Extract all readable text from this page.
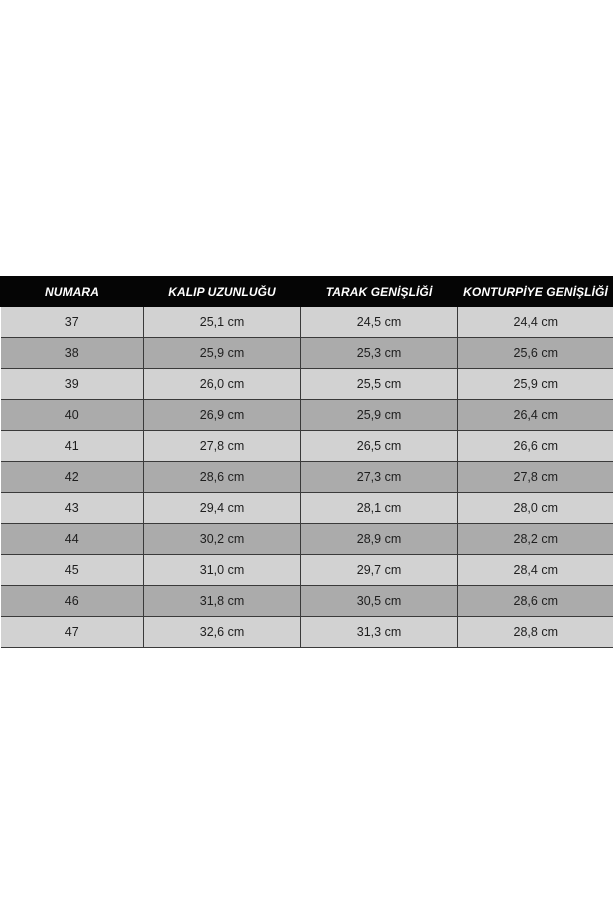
NUMARA	KALIP UZUNLUĞU	TARAK GENİŞLİĞİ	KONTURPİYE GENİŞLİĞİ
37	25,1 cm	24,5 cm	24,4 cm
38	25,9 cm	25,3 cm	25,6 cm
39	26,0 cm	25,5 cm	25,9 cm
40	26,9 cm	25,9 cm	26,4 cm
41	27,8 cm	26,5 cm	26,6 cm
42	28,6 cm	27,3 cm	27,8 cm
43	29,4 cm	28,1 cm	28,0 cm
44	30,2 cm	28,9 cm	28,2 cm
45	31,0 cm	29,7 cm	28,4 cm
46	31,8 cm	30,5 cm	28,6 cm
47	32,6 cm	31,3 cm	28,8 cm
